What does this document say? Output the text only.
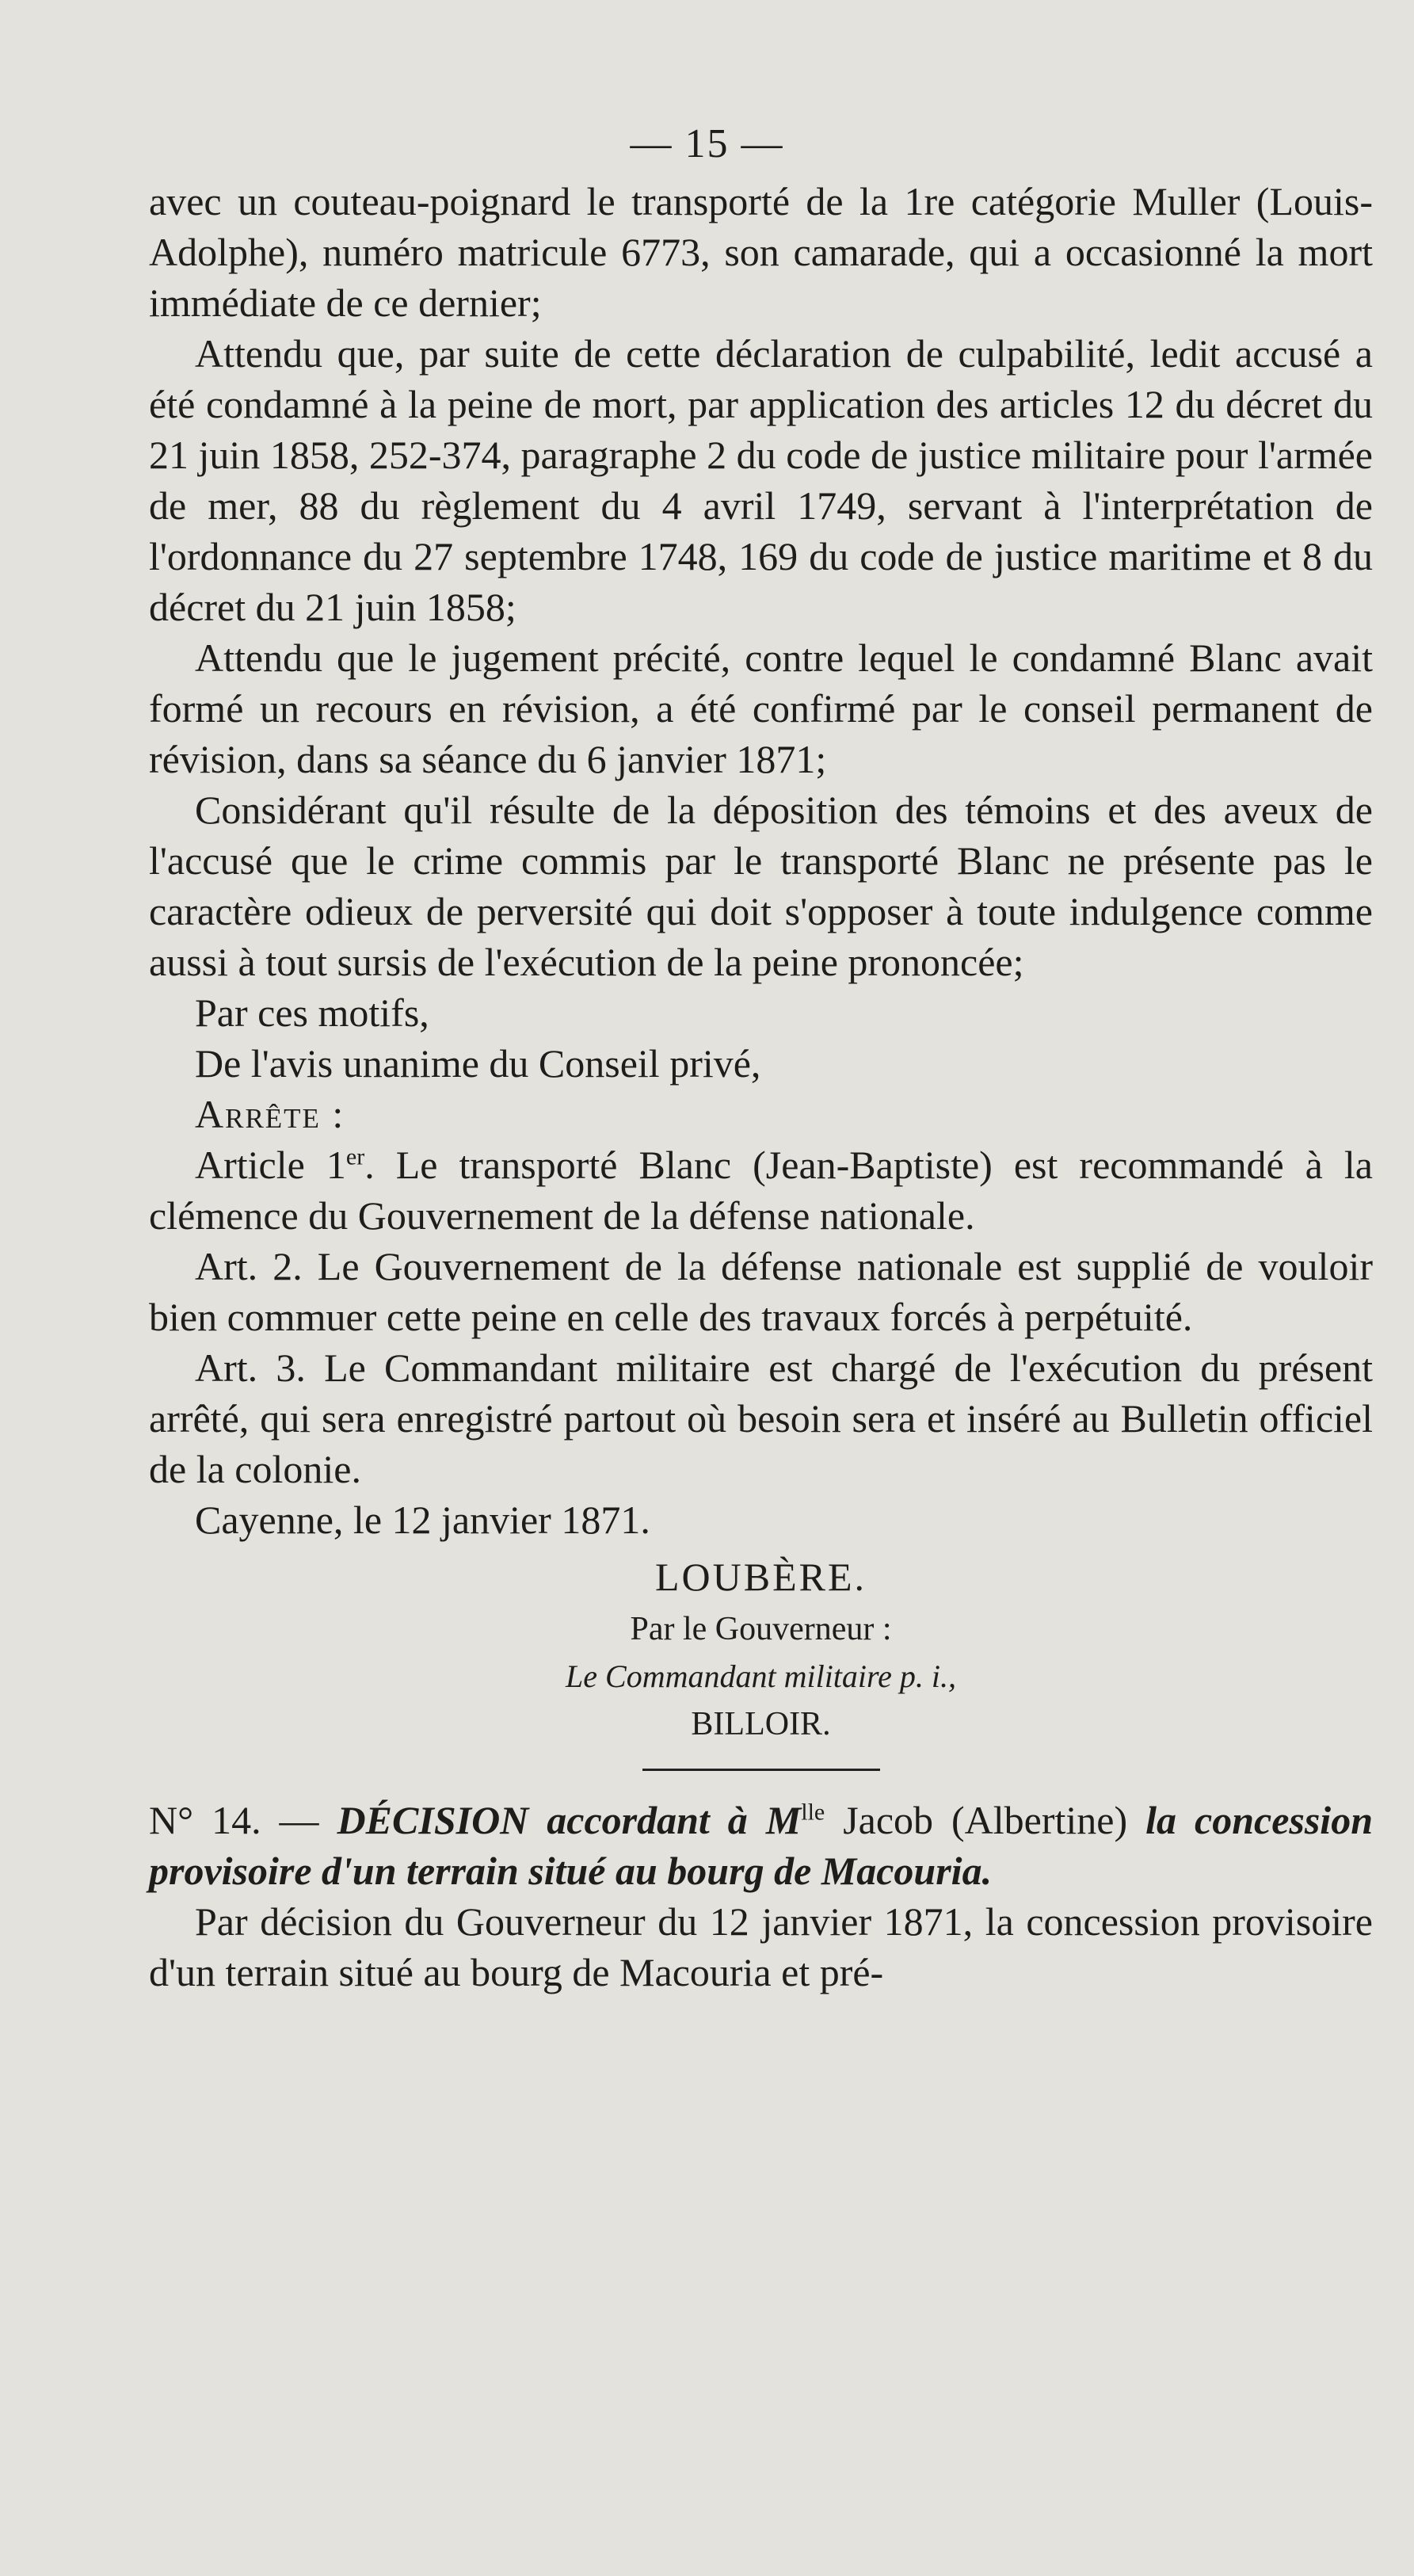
— 15 —

avec un couteau-poignard le transporté de la 1re catégorie Muller (Louis-Adolphe), numéro matricule 6773, son camarade, qui a occasionné la mort immédiate de ce dernier;

Attendu que, par suite de cette déclaration de culpabilité, ledit accusé a été condamné à la peine de mort, par application des articles 12 du décret du 21 juin 1858, 252-374, paragraphe 2 du code de justice militaire pour l'armée de mer, 88 du règlement du 4 avril 1749, servant à l'interprétation de l'ordonnance du 27 septembre 1748, 169 du code de justice maritime et 8 du décret du 21 juin 1858;

Attendu que le jugement précité, contre lequel le condamné Blanc avait formé un recours en révision, a été confirmé par le conseil permanent de révision, dans sa séance du 6 janvier 1871;

Considérant qu'il résulte de la déposition des témoins et des aveux de l'accusé que le crime commis par le transporté Blanc ne présente pas le caractère odieux de perversité qui doit s'opposer à toute indulgence comme aussi à tout sursis de l'exécution de la peine prononcée;

Par ces motifs,

De l'avis unanime du Conseil privé,

Arrête :

Article 1er. Le transporté Blanc (Jean-Baptiste) est recommandé à la clémence du Gouvernement de la défense nationale.

Art. 2. Le Gouvernement de la défense nationale est supplié de vouloir bien commuer cette peine en celle des travaux forcés à perpétuité.

Art. 3. Le Commandant militaire est chargé de l'exécution du présent arrêté, qui sera enregistré partout où besoin sera et inséré au Bulletin officiel de la colonie.

Cayenne, le 12 janvier 1871.

LOUBÈRE.

Par le Gouverneur :

Le Commandant militaire p. i.,

BILLOIR.

N° 14. — DÉCISION accordant à $M^{lle}$ Jacob (Albertine) la concession provisoire d'un terrain situé au bourg de Macouria.

Par décision du Gouverneur du 12 janvier 1871, la concession provisoire d'un terrain situé au bourg de Macouria et pré-
